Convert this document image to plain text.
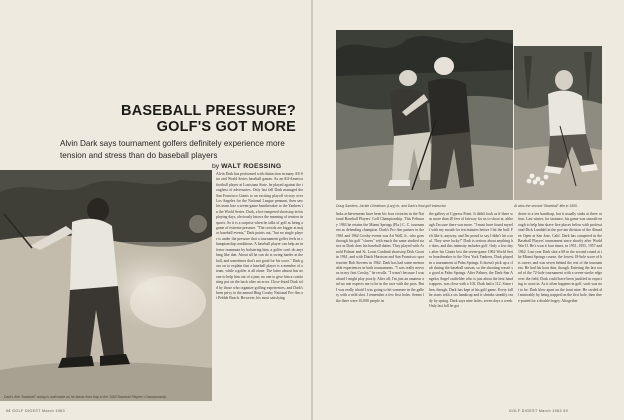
BASEBALL PRESSURE?
GOLF'S GOT MORE
Alvin Dark says tournament golfers definitely experience more tension and stress than do baseball players
by WALT ROESSING
Dark's fine "baseball" swing is noticeable as he blasts from trap in the 1962 Baseball Players' Championship.
Alvin Dark has performed with distinction in many All-Star and World Series baseball games. As an All-America football player at Louisiana State, he played against the toughest of adversaries. Only last fall Dark managed the San Francisco Giants to an exciting playoff victory over Los Angeles for the National League pennant, then saw his team lose a seven-game heartbreaker to the Yankees in the World Series. Dark, a hot-tempered shortstop in his playing days, obviously knows the meaning of tension in sports. So it is a surprise when he talks of golf as being a game of extreme pressure. "The crowds are bigger at major baseball events," Dark points out, "but no single player is under the pressure that a tournament golfer feels in championship conditions. A baseball player can help an inferior teammate by bolstering him; a golfer can't do anything like that. About all he can do is swing harder at the ball, and sometimes that's not good for his score." Dark goes on to explain that a baseball player is a member of a team, while a golfer is all alone. The latter almost has no one to help him out of a jam; no one to give him a comforting pat on the back after an error. Close-fisted Dark told by those who organize golfing experiences, and Dark's been privy to the annual Bing Crosby National Pro-Am at Pebble Beach. However, his most satisfying
58 GOLF DIGEST March 1963
Doug Sanders, Jackie Cheatham (Lary) to, and Dark's final golf instructor.	Al wins the second "Baseball" title in 1955.
links achievements have been his four victories in the National Baseball Players' Golf Championship. This February 1963 he retains the Miami Springs (Fla.) C. C. tournament as defending champion. Dark's Pro-Am partner in the 1961 and 1962 Crosby events was Art Wall, Jr., who goes through his golf "chores" with much the same studied stance as Dark does his baseball duties. They played with Arnold Palmer and St. Louis Cardinal shortstop Dick Groat in 1961, and with Dutch Harrison and San Francisco sportswriter Bob Stevens in 1962. Dark has had some memorable experiences in both tournaments. "I was really nervous in my first Crosby," he recalls. "I wasn't because I was afraid I might play poorly. After all, I'm just an amateur and no one expects me to be in the race with the pros. But I was really afraid I was going to hit someone in the gallery with a wild shot. I remember a few first holes. Seems like there were 10,000 people in
the gallery at Cypress Point. It didn't look as if there was more than 20 feet of fairway for us to shoot at, although I'm sure there was more. "I must have found myself with my mouth for ten minutes before I hit the ball. Felt like it, anyway, and I'm proud to say I didn't hit a soul. They were lucky!" Dark is serious about anything he does, and this intensity includes golf. Only a few days after his Giants lost the seven-game 1962 World Series heartbreaker to the New York Yankees, Dark played in a tournament at Palm Springs. It doesn't pick up a club during the baseball season, so the shooting wasn't so good at Palm Springs. After Palmer, the Dark-San Angelos Angel outfielder who is just about the best handicappers, was close with a 102. Dark had a 112. Since then, though, Dark has kept at his golf game. Every fall he starts with a six handicap and it shrinks steadily ready by spring. Dark says nine holes, seven days a week. Only last fall he got
down to a ten handicap, but it usually sinks at three or four. Last winter, for instance, his game was smooth enough to help him shave five places below with professional Dick Lundahl in the pro-am division of the Almaden Open at San Jose, Calif. Dark has competed in the Baseball Players' tournament since shortly after World War II. He's won it four times, in 1951, 1955, 1957 and 1962. Last year Dark shot a 68 in the second round at the Miami Springs course, the lowest 18-hole score of his career, and was seven behind the rest of the tournament. He had his hour dim, though. Entering the last round of the 72-hole tournament with a seven-stroke edge over the field, Dark could have been justified in expecting to coast in. As it often happens in golf, such was not to be. Dark blew apart on the front nine. He carded all miserably by being trapped on the first hole, then three-putted for a double bogey. Altogether
GOLF DIGEST March 1963 59
